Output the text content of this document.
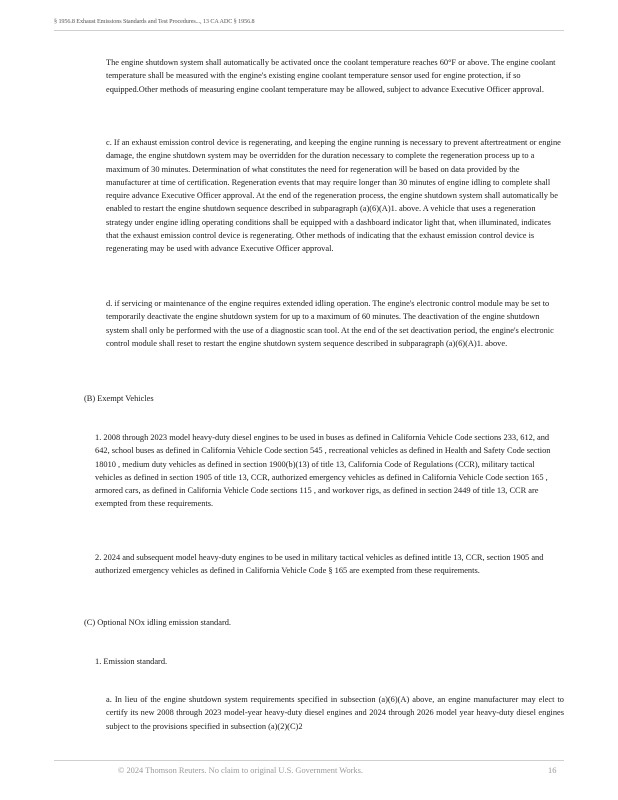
§ 1956.8 Exhaust Emissions Standards and Test Procedures..., 13 CA ADC § 1956.8
The engine shutdown system shall automatically be activated once the coolant temperature reaches 60°F or above. The engine coolant temperature shall be measured with the engine's existing engine coolant temperature sensor used for engine protection, if so equipped.Other methods of measuring engine coolant temperature may be allowed, subject to advance Executive Officer approval.
c. If an exhaust emission control device is regenerating, and keeping the engine running is necessary to prevent aftertreatment or engine damage, the engine shutdown system may be overridden for the duration necessary to complete the regeneration process up to a maximum of 30 minutes. Determination of what constitutes the need for regeneration will be based on data provided by the manufacturer at time of certification. Regeneration events that may require longer than 30 minutes of engine idling to complete shall require advance Executive Officer approval. At the end of the regeneration process, the engine shutdown system shall automatically be enabled to restart the engine shutdown sequence described in subparagraph (a)(6)(A)1. above. A vehicle that uses a regeneration strategy under engine idling operating conditions shall be equipped with a dashboard indicator light that, when illuminated, indicates that the exhaust emission control device is regenerating. Other methods of indicating that the exhaust emission control device is regenerating may be used with advance Executive Officer approval.
d. if servicing or maintenance of the engine requires extended idling operation. The engine's electronic control module may be set to temporarily deactivate the engine shutdown system for up to a maximum of 60 minutes. The deactivation of the engine shutdown system shall only be performed with the use of a diagnostic scan tool. At the end of the set deactivation period, the engine's electronic control module shall reset to restart the engine shutdown system sequence described in subparagraph (a)(6)(A)1. above.
(B) Exempt Vehicles
1. 2008 through 2023 model heavy-duty diesel engines to be used in buses as defined in California Vehicle Code sections 233, 612, and 642, school buses as defined in California Vehicle Code section 545 , recreational vehicles as defined in Health and Safety Code section 18010 , medium duty vehicles as defined in section 1900(b)(13) of title 13, California Code of Regulations (CCR), military tactical vehicles as defined in section 1905 of title 13, CCR, authorized emergency vehicles as defined in California Vehicle Code section 165 , armored cars, as defined in California Vehicle Code sections 115 , and workover rigs, as defined in section 2449 of title 13, CCR are exempted from these requirements.
2. 2024 and subsequent model heavy-duty engines to be used in military tactical vehicles as defined intitle 13, CCR, section 1905 and authorized emergency vehicles as defined in California Vehicle Code § 165 are exempted from these requirements.
(C) Optional NOx idling emission standard.
1. Emission standard.
a. In lieu of the engine shutdown system requirements specified in subsection (a)(6)(A) above, an engine manufacturer may elect to certify its new 2008 through 2023 model-year heavy-duty diesel engines and 2024 through 2026 model year heavy-duty diesel engines subject to the provisions specified in subsection (a)(2)(C)2
© 2024 Thomson Reuters. No claim to original U.S. Government Works.	16
